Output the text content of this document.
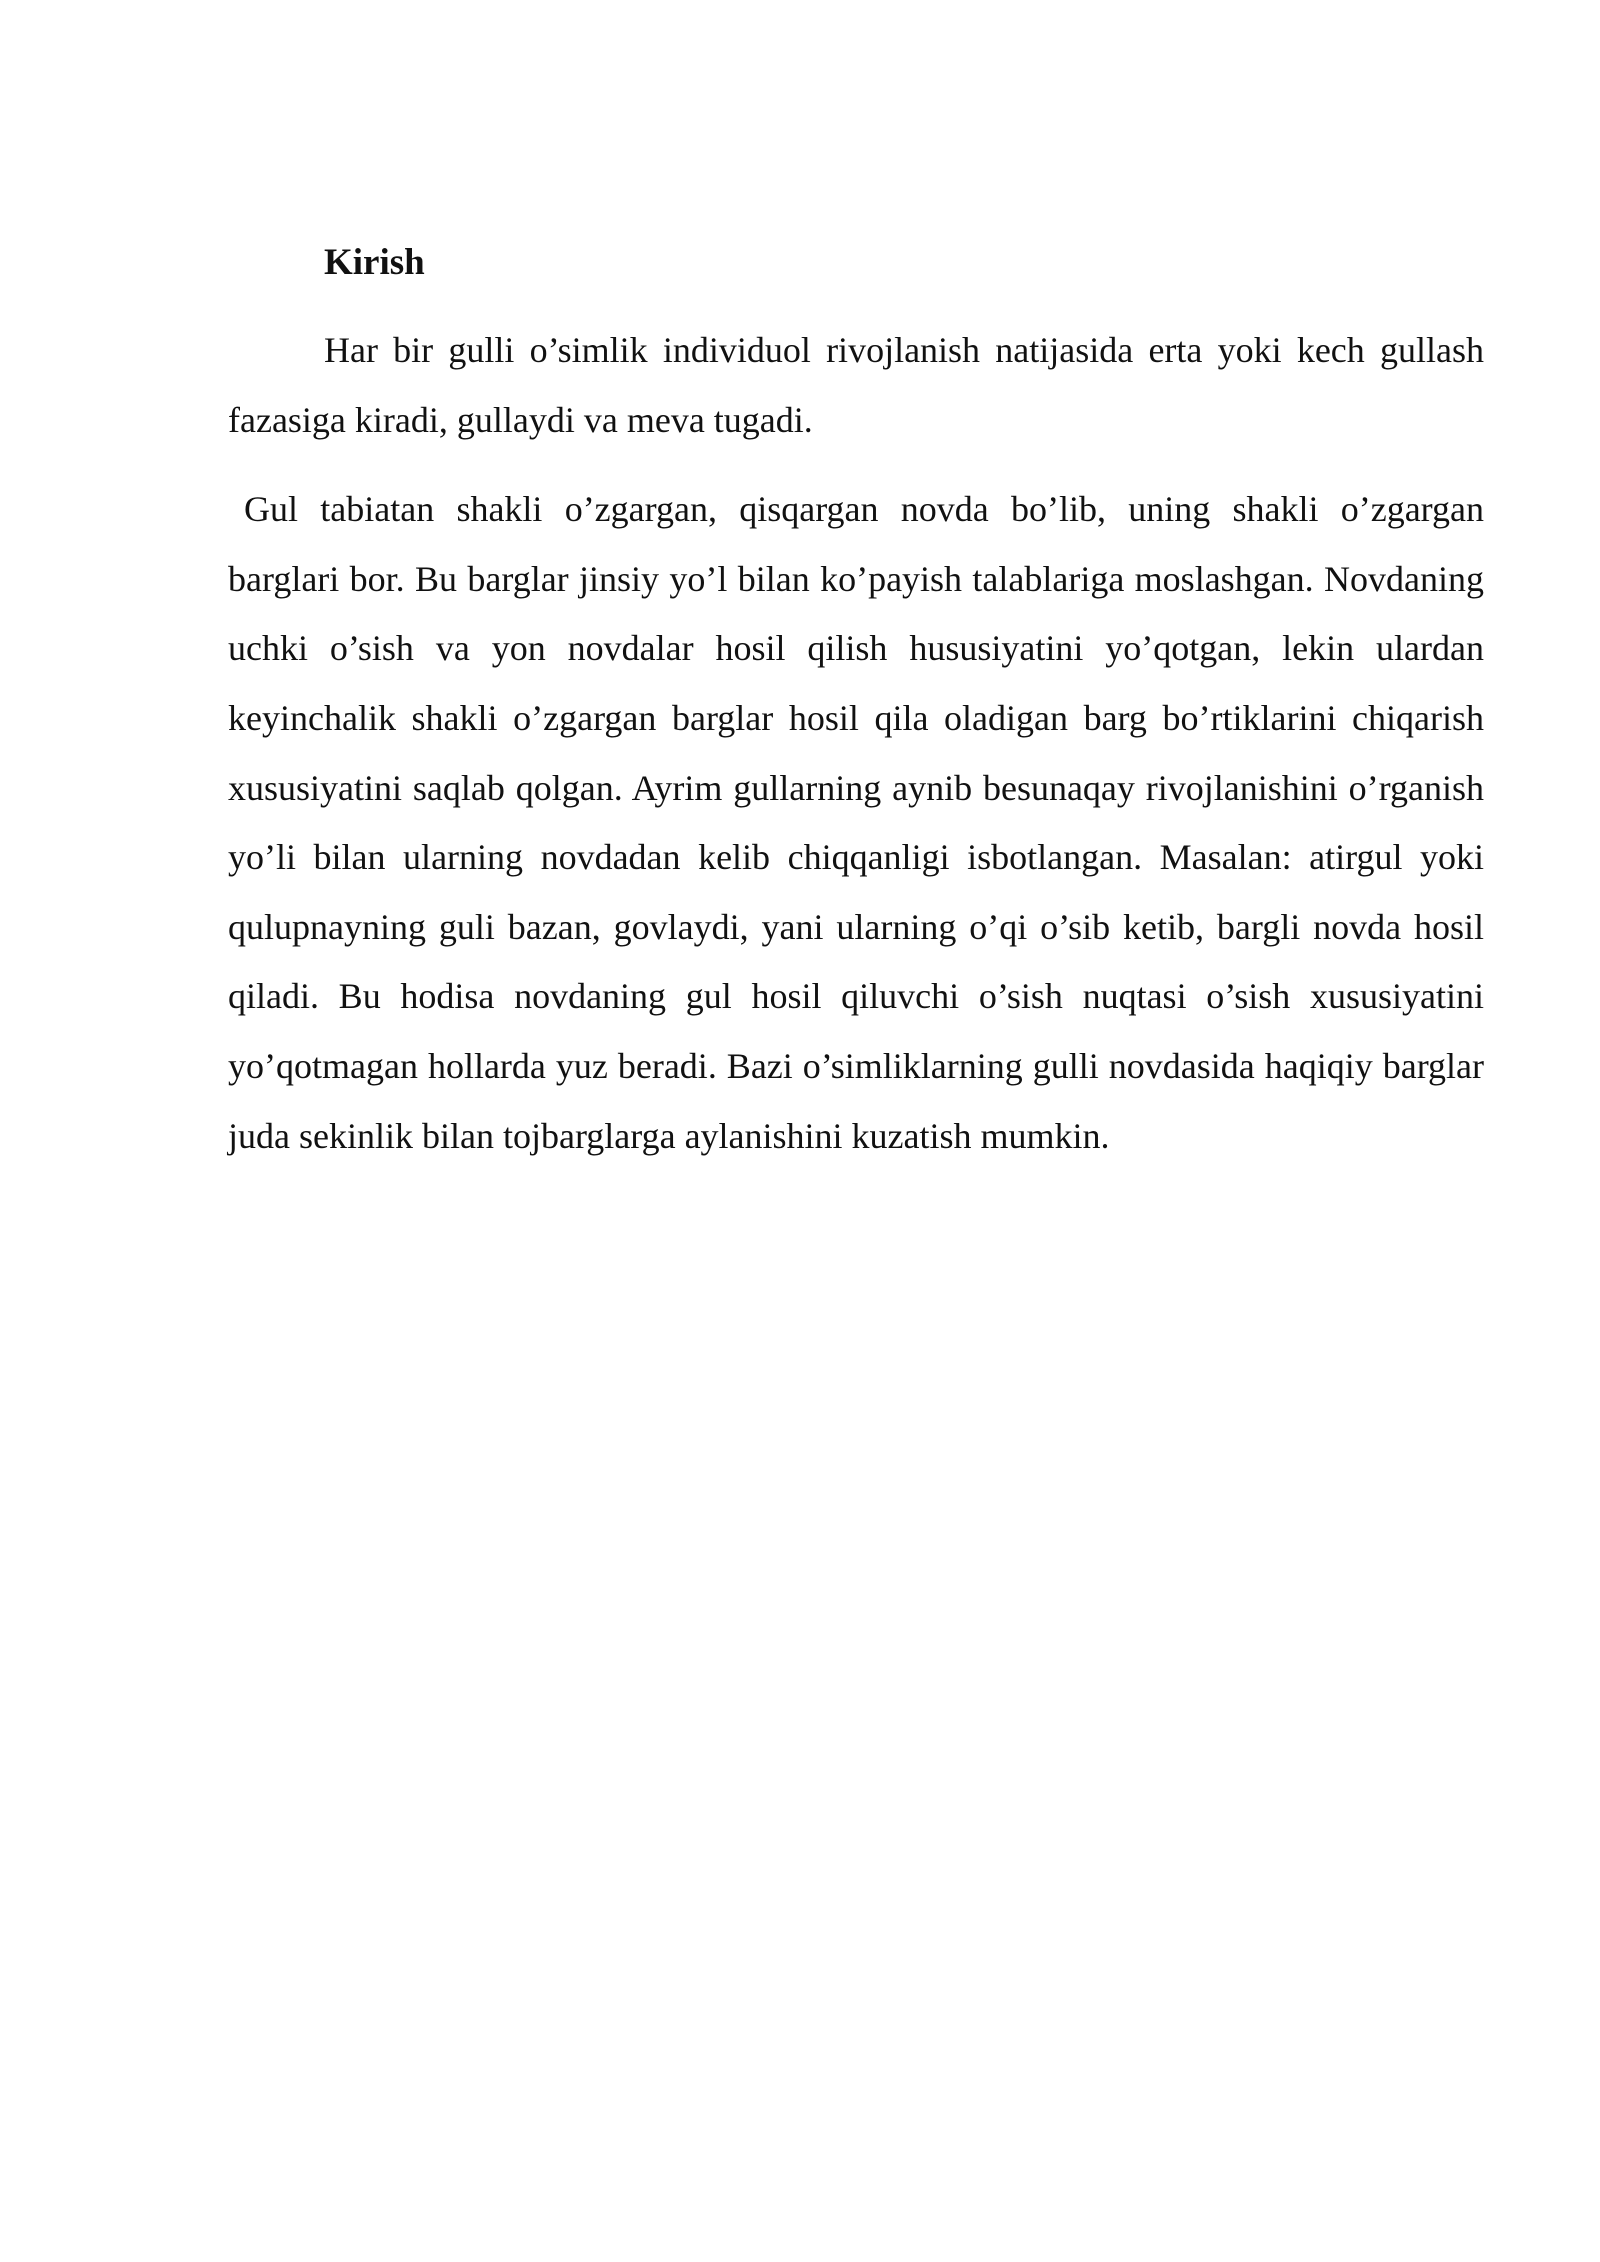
Kirish

Har bir gulli o’simlik individuol rivojlanish natijasida erta yoki kech gullash fazasiga kiradi, gullaydi va meva tugadi.

Gul tabiatan shakli o’zgargan, qisqargan novda bo’lib, uning shakli o’zgargan barglari bor. Bu barglar jinsiy yo’l bilan ko’payish talablariga moslashgan. Novdaning uchki o’sish va yon novdalar hosil qilish hususiyatini yo’qotgan, lekin ulardan keyinchalik shakli o’zgargan barglar hosil qila oladigan barg bo’rtiklarini chiqarish xususiyatini saqlab qolgan. Ayrim gullarning aynib besunaqay rivojlanishini o’rganish yo’li bilan ularning novdadan kelib chiqqanligi isbotlangan. Masalan: atirgul yoki qulupnayning guli bazan, govlaydi, yani ularning o’qi o’sib ketib, bargli novda hosil qiladi. Bu hodisa novdaning gul hosil qiluvchi o’sish nuqtasi o’sish xususiyatini yo’qotmagan hollarda yuz beradi. Bazi o’simliklarning gulli novdasida haqiqiy barglar juda sekinlik bilan tojbarglarga aylanishini kuzatish mumkin.
